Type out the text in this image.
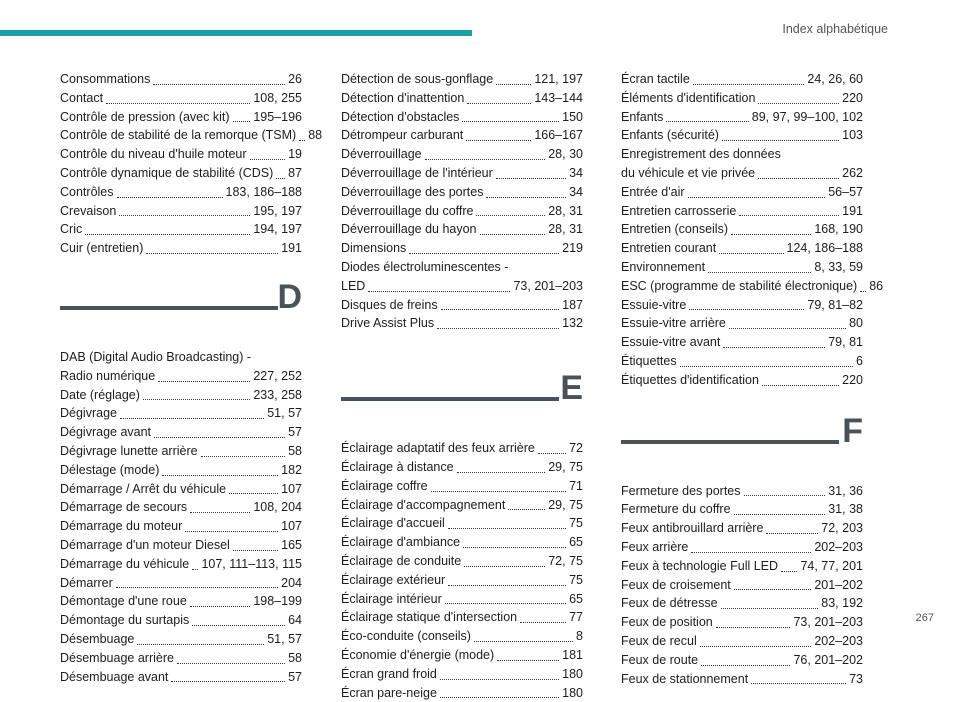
Index alphabétique
Consommations	26
Contact	108, 255
Contrôle de pression (avec kit) 195–196
Contrôle de stabilité de la remorque (TSM) 88
Contrôle du niveau d'huile moteur	19
Contrôle dynamique de stabilité (CDS) 87
Contrôles	183, 186–188
Crevaison	195, 197
Cric	194, 197
Cuir (entretien)	191
D
DAB (Digital Audio Broadcasting) -
Radio numérique	227, 252
Date (réglage)	233, 258
Dégivrage	51, 57
Dégivrage avant	57
Dégivrage lunette arrière	58
Délestage (mode)	182
Démarrage / Arrêt du véhicule	107
Démarrage de secours	108, 204
Démarrage du moteur	107
Démarrage d'un moteur Diesel	165
Démarrage du véhicule 107, 111–113, 115
Démarrer	204
Démontage d'une roue	198–199
Démontage du surtapis	64
Désembuage	51, 57
Désembuage arrière	58
Désembuage avant	57
Détection de sous-gonflage	121, 197
Détection d'inattention	143–144
Détection d'obstacles	150
Détrompeur carburant	166–167
Déverrouillage	28, 30
Déverrouillage de l'intérieur	34
Déverrouillage des portes	34
Déverrouillage du coffre	28, 31
Déverrouillage du hayon	28, 31
Dimensions	219
Diodes électroluminescentes -
LED	73, 201–203
Disques de freins	187
Drive Assist Plus	132
E
Éclairage adaptatif des feux arrière	72
Éclairage à distance	29, 75
Éclairage coffre	71
Éclairage d'accompagnement	29, 75
Éclairage d'accueil	75
Éclairage d'ambiance	65
Éclairage de conduite	72, 75
Éclairage extérieur	75
Éclairage intérieur	65
Éclairage statique d'intersection	77
Éco-conduite (conseils)	8
Économie d'énergie (mode)	181
Écran grand froid	180
Écran pare-neige	180
Écran tactile	24, 26, 60
Éléments d'identification	220
Enfants	89, 97, 99–100, 102
Enfants (sécurité)	103
Enregistrement des données
du véhicule et vie privée	262
Entrée d'air	56–57
Entretien carrosserie	191
Entretien (conseils)	168, 190
Entretien courant	124, 186–188
Environnement	8, 33, 59
ESC (programme de stabilité électronique) 86
Essuie-vitre	79, 81–82
Essuie-vitre arrière	80
Essuie-vitre avant	79, 81
Étiquettes	6
Étiquettes d'identification	220
F
Fermeture des portes	31, 36
Fermeture du coffre	31, 38
Feux antibrouillard arrière	72, 203
Feux arrière	202–203
Feux à technologie Full LED 74, 77, 201
Feux de croisement	201–202
Feux de détresse	83, 192
Feux de position	73, 201–203
Feux de recul	202–203
Feux de route	76, 201–202
Feux de stationnement	73
267
